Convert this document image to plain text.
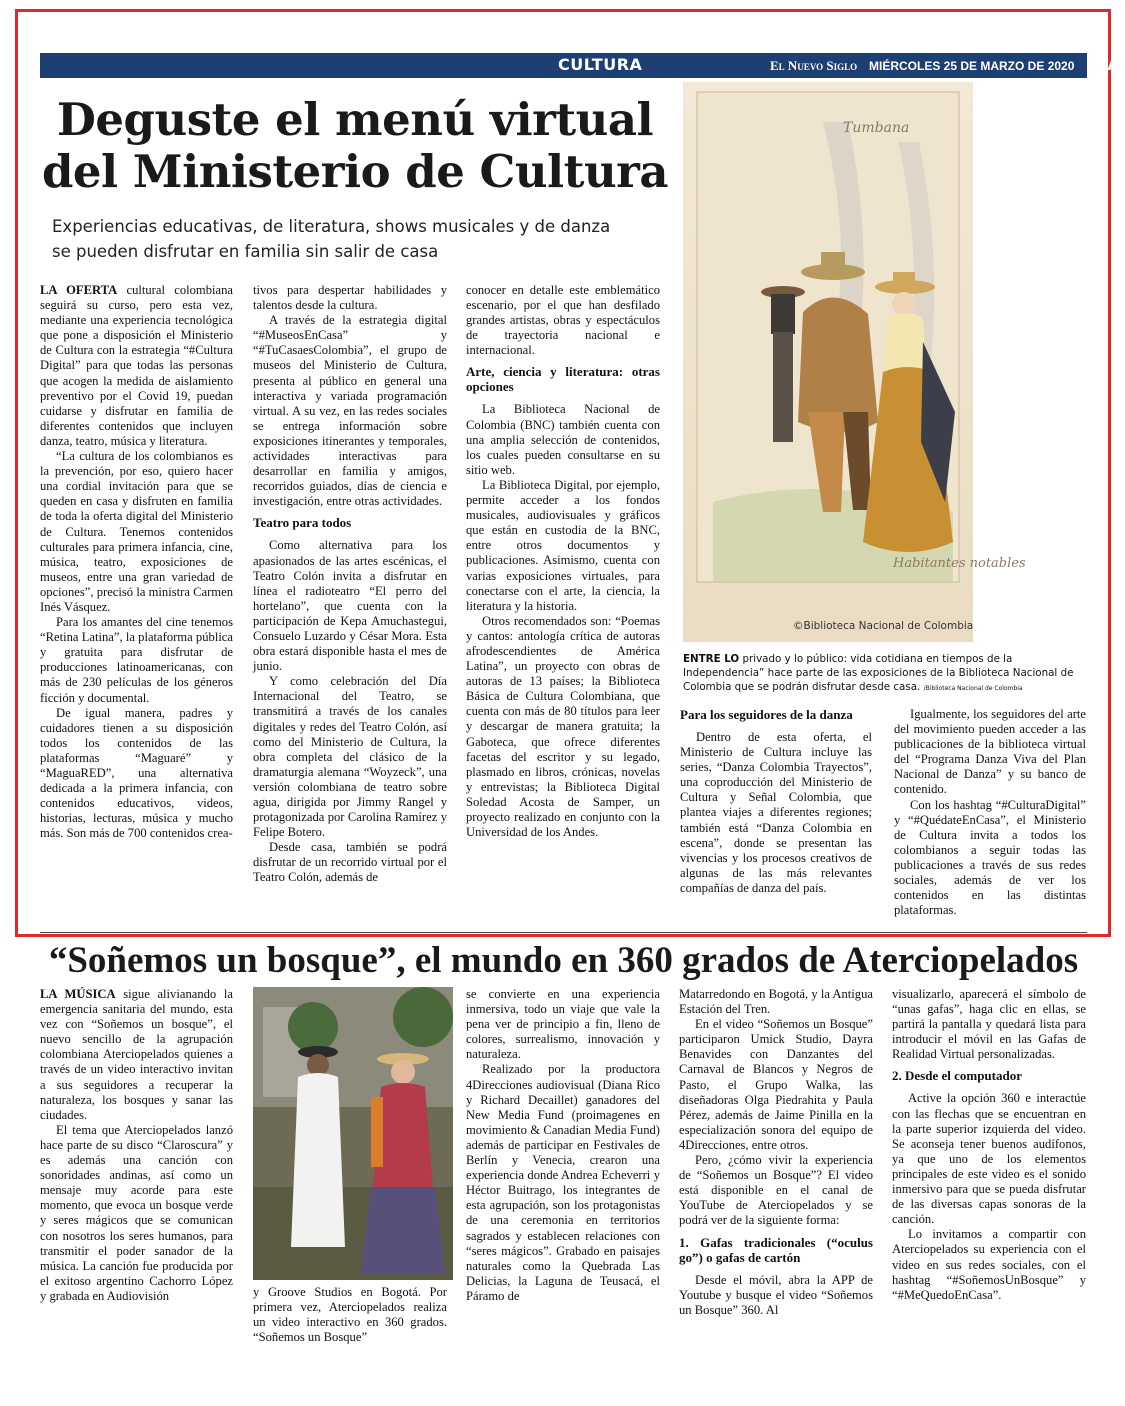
CULTURA	El Nuevo Siglo MIÉRCOLES 25 DE MARZO DE 2020 11A
Deguste el menú virtual
del Ministerio de Cultura

Experiencias educativas, de literatura, shows musicales y de danza
se pueden disfrutar en familia sin salir de casa

LA OFERTA cultural colombiana seguirá su curso, pero esta vez, mediante una experiencia tecnológica que pone a disposición el Ministerio de Cultura con la estrategia “#Cultura Digital” para que todas las personas que acogen la medida de aislamiento preventivo por el Covid 19, puedan cuidarse y disfrutar en familia de diferentes contenidos que incluyen danza, teatro, música y literatura.

“La cultura de los colombianos es la prevención, por eso, quiero hacer una cordial invitación para que se queden en casa y disfruten en familia de toda la oferta digital del Ministerio de Cultura. Tenemos contenidos culturales para primera infancia, cine, música, teatro, exposiciones de museos, entre una gran variedad de opciones”, precisó la ministra Carmen Inés Vásquez.

Para los amantes del cine tenemos “Retina Latina”, la plataforma pública y gratuita para disfrutar de producciones latinoamericanas, con más de 230 películas de los géneros ficción y documental.

De igual manera, padres y cuidadores tienen a su disposición todos los contenidos de las plataformas “Maguaré” y “MaguaRED”, una alternativa dedicada a la primera infancia, con contenidos educativos, videos, historias, lecturas, música y mucho más. Son más de 700 contenidos crea-

tivos para despertar habilidades y talentos desde la cultura.

A través de la estrategia digital “#MuseosEnCasa” y “#TuCasaesColombia”, el grupo de museos del Ministerio de Cultura, presenta al público en general una interactiva y variada programación virtual. A su vez, en las redes sociales se entrega información sobre exposiciones itinerantes y temporales, actividades interactivas para desarrollar en familia y amigos, recorridos guiados, días de ciencia e investigación, entre otras actividades.

Teatro para todos

Como alternativa para los apasionados de las artes escénicas, el Teatro Colón invita a disfrutar en línea el radioteatro “El perro del hortelano”, que cuenta con la participación de Kepa Amuchastegui, Consuelo Luzardo y César Mora. Esta obra estará disponible hasta el mes de junio.

Y como celebración del Día Internacional del Teatro, se transmitirá a través de los canales digitales y redes del Teatro Colón, así como del Ministerio de Cultura, la obra completa del clásico de la dramaturgia alemana “Woyzeck”, una versión colombiana de teatro sobre agua, dirigida por Jimmy Rangel y protagonizada por Carolina Ramírez y Felipe Botero.

Desde casa, también se podrá disfrutar de un recorrido virtual por el Teatro Colón, además de

conocer en detalle este emblemático escenario, por el que han desfilado grandes artistas, obras y espectáculos de trayectoria nacional e internacional.

Arte, ciencia y literatura: otras opciones

La Biblioteca Nacional de Colombia (BNC) también cuenta con una amplia selección de contenidos, los cuales pueden consultarse en su sitio web.

La Biblioteca Digital, por ejemplo, permite acceder a los fondos musicales, audiovisuales y gráficos que están en custodia de la BNC, entre otros documentos y publicaciones. Asimismo, cuenta con varias exposiciones virtuales, para conectarse con el arte, la ciencia, la literatura y la historia.

Otros recomendados son: “Poemas y cantos: antología crítica de autoras afrodescendientes de América Latina”, un proyecto con obras de autoras de 13 países; la Biblioteca Básica de Cultura Colombiana, que cuenta con más de 80 títulos para leer y descargar de manera gratuita; la Gaboteca, que ofrece diferentes facetas del escritor y su legado, plasmado en libros, crónicas, novelas y entrevistas; la Biblioteca Digital Soledad Acosta de Samper, un proyecto realizado en conjunto con la Universidad de los Andes.

Habitantes notables
Tumbana
©Biblioteca Nacional de Colombia

ENTRE LO privado y lo público: vida cotidiana en tiempos de la Independencia” hace parte de las exposiciones de la Biblioteca Nacional de Colombia que se podrán disfrutar desde casa. /Biblioteca Nacional de Colombia

Para los seguidores de la danza

Dentro de esta oferta, el Ministerio de Cultura incluye las series, “Danza Colombia Trayectos”, una coproducción del Ministerio de Cultura y Señal Colombia, que plantea viajes a diferentes regiones; también está “Danza Colombia en escena”, donde se presentan las vivencias y los procesos creativos de algunas de las más relevantes compañías de danza del país.

Igualmente, los seguidores del arte del movimiento pueden acceder a las publicaciones de la biblioteca virtual del “Programa Danza Viva del Plan Nacional de Danza” y su banco de contenido.

Con los hashtag “#CulturaDigital” y “#QuédateEnCasa”, el Ministerio de Cultura invita a todos los colombianos a seguir todas las publicaciones a través de sus redes sociales, además de ver los contenidos en las distintas plataformas.

“Soñemos un bosque”, el mundo en 360 grados de Aterciopelados

LA MÚSICA sigue alivianando la emergencia sanitaria del mundo, esta vez con “Soñemos un bosque”, el nuevo sencillo de la agrupación colombiana Aterciopelados quienes a través de un video interactivo invitan a sus seguidores a recuperar la naturaleza, los bosques y sanar las ciudades.

El tema que Aterciopelados lanzó hace parte de su disco “Claroscura” y es además una canción con sonoridades andinas, así como un mensaje muy acorde para este momento, que evoca un bosque verde y seres mágicos que se comunican con nosotros los seres humanos, para transmitir el poder sanador de la música. La canción fue producida por el exitoso argentino Cachorro López y grabada en Audiovisión	y Groove Studios en Bogotá. Por primera vez, Aterciopelados realiza un video interactivo en 360 grados. “Soñemos un Bosque”

se convierte en una experiencia inmersiva, todo un viaje que vale la pena ver de principio a fin, lleno de colores, surrealismo, innovación y naturaleza.

Realizado por la productora 4Direcciones audiovisual (Diana Rico y Richard Decaillet) ganadores del New Media Fund (proimagenes en movimiento & Canadian Media Fund) además de participar en Festivales de Berlín y Venecia, crearon una experiencia donde Andrea Echeverri y Héctor Buitrago, los integrantes de esta agrupación, son los protagonistas de una ceremonia en territorios sagrados y establecen relaciones con “seres mágicos”. Grabado en paisajes naturales como la Quebrada Las Delicias, la Laguna de Teusacá, el Páramo de

Matarredondo en Bogotá, y la Antigua Estación del Tren.

En el video “Soñemos un Bosque” participaron Umick Studio, Dayra Benavides con Danzantes del Carnaval de Blancos y Negros de Pasto, el Grupo Walka, las diseñadoras Olga Piedrahita y Paula Pérez, además de Jaime Pinilla en la especialización sonora del equipo de 4Direcciones, entre otros.

Pero, ¿cómo vivir la experiencia de “Soñemos un Bosque”? El video está disponible en el canal de YouTube de Aterciopelados y se podrá ver de la siguiente forma:

1. Gafas tradicionales (“oculus go”) o gafas de cartón

Desde el móvil, abra la APP de Youtube y busque el video “Soñemos un Bosque” 360. Al

visualizarlo, aparecerá el símbolo de “unas gafas”, haga clic en ellas, se partirá la pantalla y quedará lista para introducir el móvil en las Gafas de Realidad Virtual personalizadas.

2. Desde el computador

Active la opción 360 e interactúe con las flechas que se encuentran en la parte superior izquierda del video. Se aconseja tener buenos audífonos, ya que uno de los elementos principales de este video es el sonido inmersivo para que se pueda disfrutar de las diversas capas sonoras de la canción.

Lo invitamos a compartir con Aterciopelados su experiencia con el video en sus redes sociales, con el hashtag “#SoñemosUnBosque” y “#MeQuedoEnCasa”.
